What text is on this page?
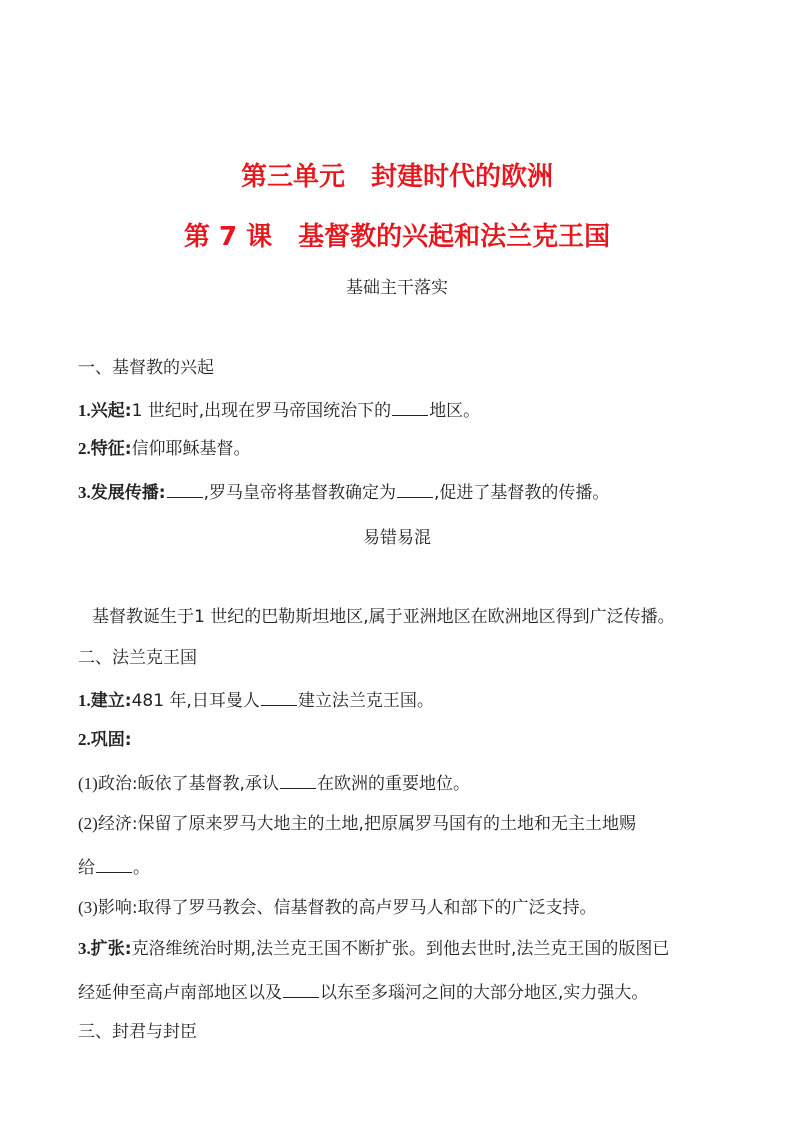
第三单元　封建时代的欧洲
第 7 课　基督教的兴起和法兰克王国
基础主干落实
一、基督教的兴起
1.兴起:1 世纪时,出现在罗马帝国统治下的 地区。
2.特征:信仰耶稣基督。
3.发展传播: ,罗马皇帝将基督教确定为 ,促进了基督教的传播。
易错易混
基督教诞生于1 世纪的巴勒斯坦地区,属于亚洲地区在欧洲地区得到广泛传播。
二、法兰克王国
1.建立:481 年,日耳曼人 建立法兰克王国。
2.巩固:
(1)政治:皈依了基督教,承认 在欧洲的重要地位。
(2)经济:保留了原来罗马大地主的土地,把原属罗马国有的土地和无主土地赐
给 。
(3)影响:取得了罗马教会、信基督教的高卢罗马人和部下的广泛支持。
3.扩张:克洛维统治时期,法兰克王国不断扩张。到他去世时,法兰克王国的版图已
经延伸至高卢南部地区以及 以东至多瑙河之间的大部分地区,实力强大。
三、封君与封臣
